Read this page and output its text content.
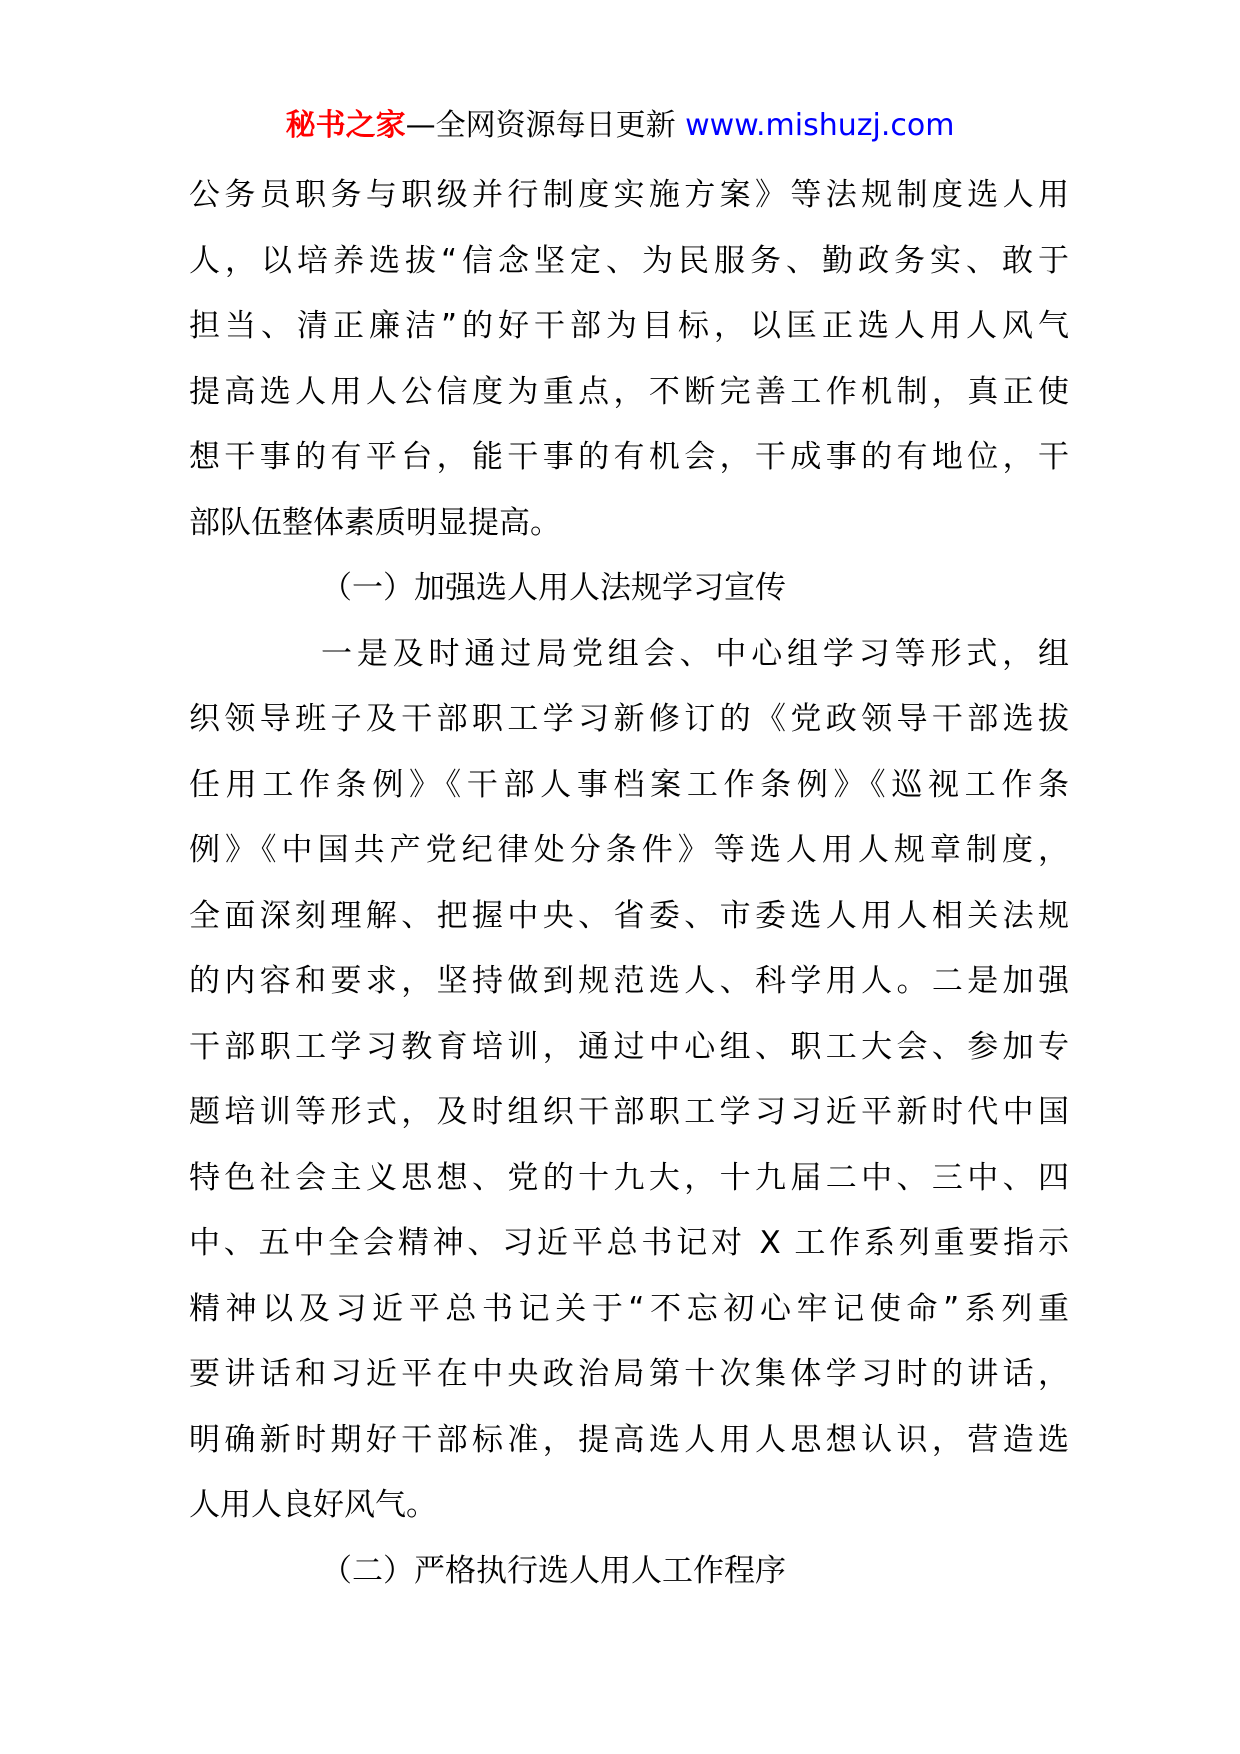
秘书之家—全网资源每日更新 www.mishuzj.com
公务员职务与职级并行制度实施方案》等法规制度选人用
人，以培养选拔“信念坚定、为民服务、勤政务实、敢于
担当、清正廉洁”的好干部为目标，以匡正选人用人风气
提高选人用人公信度为重点，不断完善工作机制，真正使
想干事的有平台，能干事的有机会，干成事的有地位，干
部队伍整体素质明显提高。
（一）加强选人用人法规学习宣传
一是及时通过局党组会、中心组学习等形式，组
织领导班子及干部职工学习新修订的《党政领导干部选拔
任用工作条例》《干部人事档案工作条例》《巡视工作条
例》《中国共产党纪律处分条件》等选人用人规章制度，
全面深刻理解、把握中央、省委、市委选人用人相关法规
的内容和要求，坚持做到规范选人、科学用人。二是加强
干部职工学习教育培训，通过中心组、职工大会、参加专
题培训等形式，及时组织干部职工学习习近平新时代中国
特色社会主义思想、党的十九大，十九届二中、三中、四
中、五中全会精神、习近平总书记对 X 工作系列重要指示
精神以及习近平总书记关于“不忘初心牢记使命”系列重
要讲话和习近平在中央政治局第十次集体学习时的讲话，
明确新时期好干部标准，提高选人用人思想认识，营造选
人用人良好风气。
（二）严格执行选人用人工作程序
